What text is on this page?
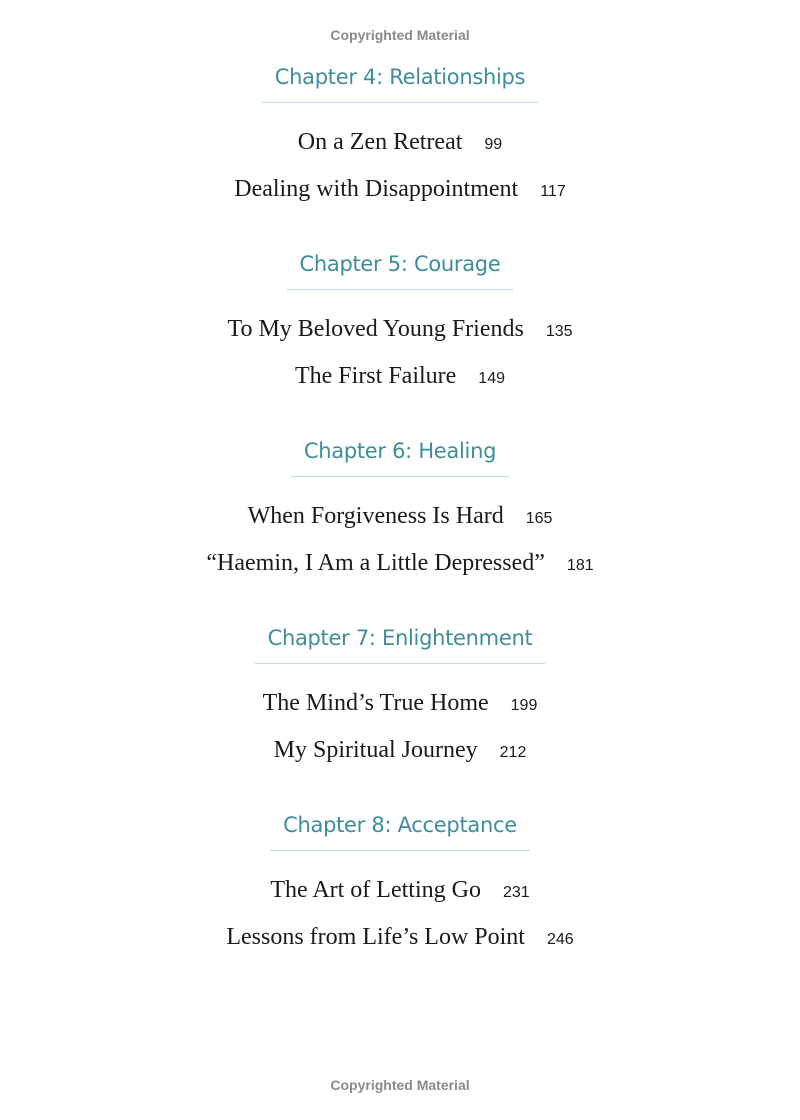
Copyrighted Material
Chapter 4: Relationships
On a Zen Retreat 99
Dealing with Disappointment 117
Chapter 5: Courage
To My Beloved Young Friends 135
The First Failure 149
Chapter 6: Healing
When Forgiveness Is Hard 165
“Haemin, I Am a Little Depressed” 181
Chapter 7: Enlightenment
The Mind’s True Home 199
My Spiritual Journey 212
Chapter 8: Acceptance
The Art of Letting Go 231
Lessons from Life’s Low Point 246
Copyrighted Material
